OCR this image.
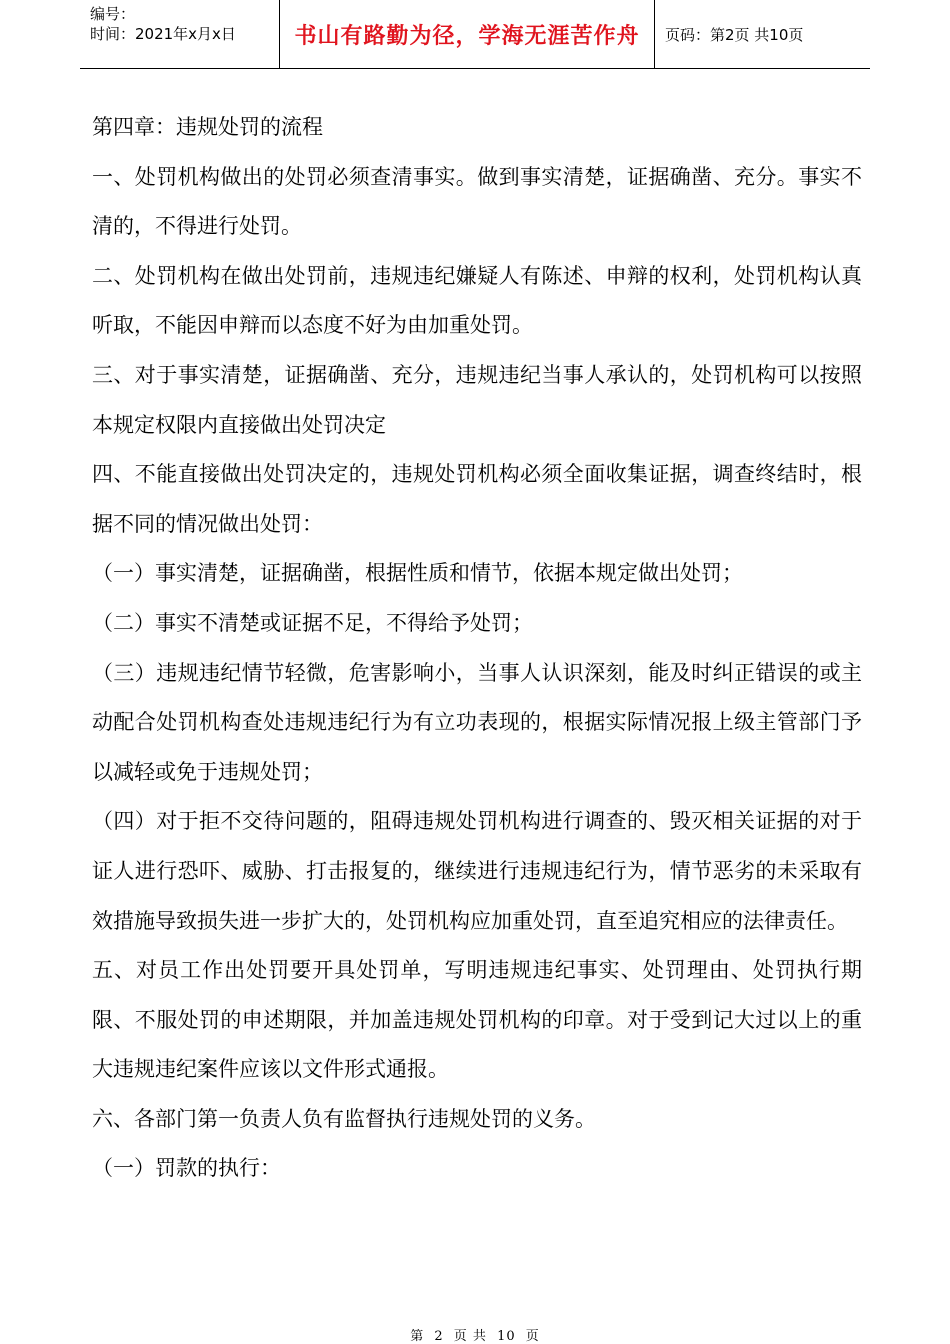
编号：
时间：2021年x月x日	书山有路勤为径，学海无涯苦作舟	页码：第2页 共10页

第四章：违规处罚的流程

一、处罚机构做出的处罚必须查清事实。做到事实清楚，证据确凿、充分。事实不清的，不得进行处罚。

二、处罚机构在做出处罚前，违规违纪嫌疑人有陈述、申辩的权利，处罚机构认真听取，不能因申辩而以态度不好为由加重处罚。

三、对于事实清楚，证据确凿、充分，违规违纪当事人承认的，处罚机构可以按照本规定权限内直接做出处罚决定

四、不能直接做出处罚决定的，违规处罚机构必须全面收集证据，调查终结时，根据不同的情况做出处罚：

（一）事实清楚，证据确凿，根据性质和情节，依据本规定做出处罚；

（二）事实不清楚或证据不足，不得给予处罚；

（三）违规违纪情节轻微，危害影响小，当事人认识深刻，能及时纠正错误的或主动配合处罚机构查处违规违纪行为有立功表现的，根据实际情况报上级主管部门予以减轻或免于违规处罚；

（四）对于拒不交待问题的，阻碍违规处罚机构进行调查的、毁灭相关证据的对于证人进行恐吓、威胁、打击报复的，继续进行违规违纪行为，情节恶劣的未采取有效措施导致损失进一步扩大的，处罚机构应加重处罚，直至追究相应的法律责任。

五、对员工作出处罚要开具处罚单，写明违规违纪事实、处罚理由、处罚执行期限、不服处罚的申述期限，并加盖违规处罚机构的印章。对于受到记大过以上的重大违规违纪案件应该以文件形式通报。

六、各部门第一负责人负有监督执行违规处罚的义务。

（一）罚款的执行：

第 2 页 共 10 页
